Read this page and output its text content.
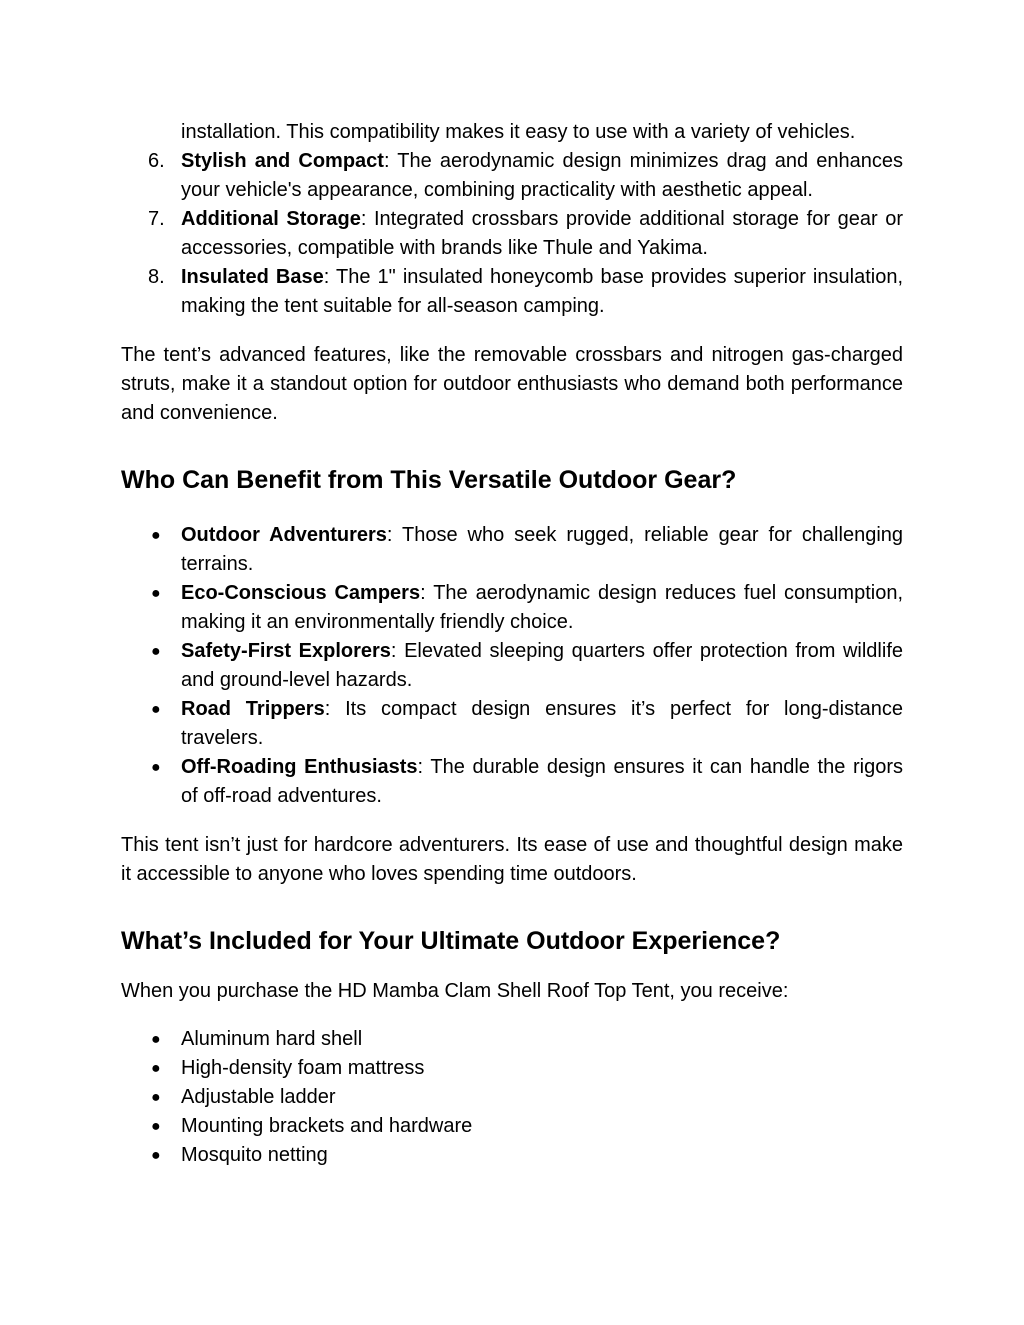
installation. This compatibility makes it easy to use with a variety of vehicles.

6. Stylish and Compact: The aerodynamic design minimizes drag and enhances your vehicle's appearance, combining practicality with aesthetic appeal.
7. Additional Storage: Integrated crossbars provide additional storage for gear or accessories, compatible with brands like Thule and Yakima.
8. Insulated Base: The 1" insulated honeycomb base provides superior insulation, making the tent suitable for all-season camping.

The tent’s advanced features, like the removable crossbars and nitrogen gas-charged struts, make it a standout option for outdoor enthusiasts who demand both performance and convenience.

Who Can Benefit from This Versatile Outdoor Gear?
● Outdoor Adventurers: Those who seek rugged, reliable gear for challenging terrains.
● Eco-Conscious Campers: The aerodynamic design reduces fuel consumption, making it an environmentally friendly choice.
● Safety-First Explorers: Elevated sleeping quarters offer protection from wildlife and ground-level hazards.
● Road Trippers: Its compact design ensures it’s perfect for long-distance travelers.
● Off-Roading Enthusiasts: The durable design ensures it can handle the rigors of off-road adventures.

This tent isn’t just for hardcore adventurers. Its ease of use and thoughtful design make it accessible to anyone who loves spending time outdoors.

What’s Included for Your Ultimate Outdoor Experience?

When you purchase the HD Mamba Clam Shell Roof Top Tent, you receive:

● Aluminum hard shell
● High-density foam mattress
● Adjustable ladder
● Mounting brackets and hardware
● Mosquito netting
